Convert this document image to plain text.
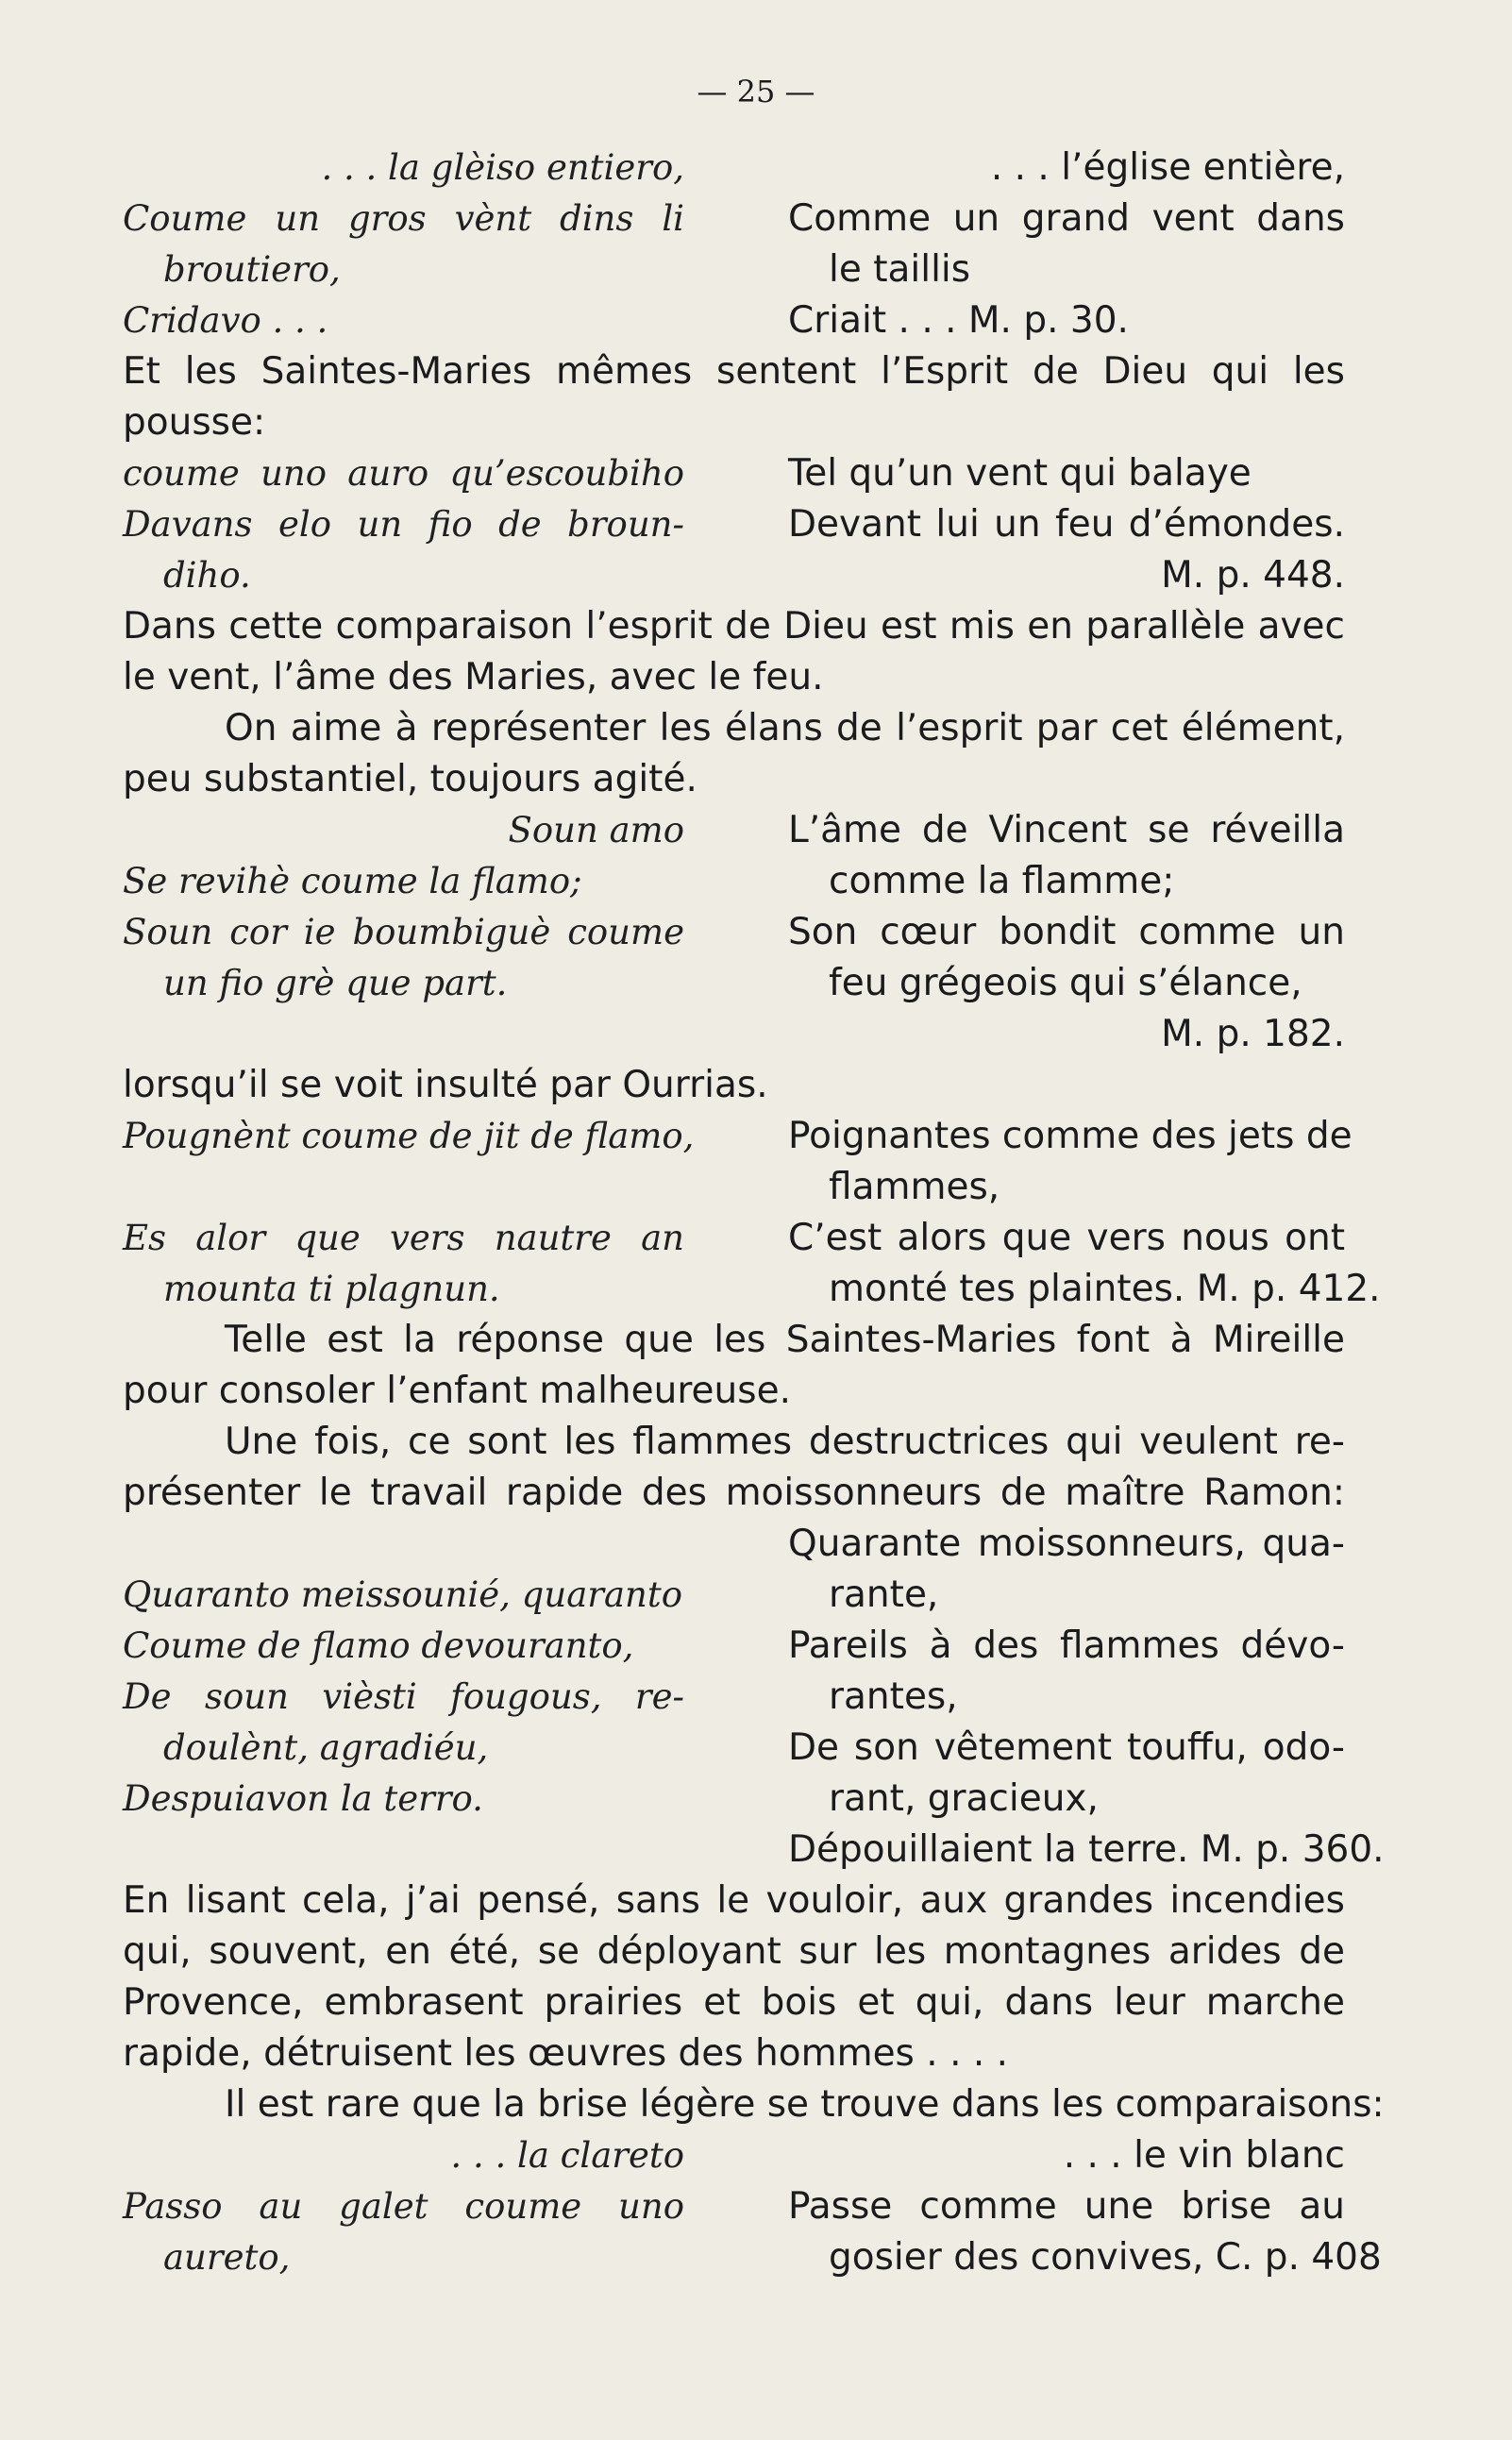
— 25 —
. . . la glèiso entiero,	. . . l’église entière,
Coume un gros vènt dins li	Comme un grand vent dans
broutiero,	le taillis
Cridavo . . .	Criait . . . M. p. 30.
Et les Saintes-Maries mêmes sentent l’Esprit de Dieu qui les
pousse:
coume uno auro qu’escoubiho	Tel qu’un vent qui balaye
Davans elo un fio de broun-	Devant lui un feu d’émondes.
diho.	M. p. 448.
Dans cette comparaison l’esprit de Dieu est mis en parallèle avec
le vent, l’âme des Maries, avec le feu.
On aime à représenter les élans de l’esprit par cet élément,
peu substantiel, toujours agité.
Soun amo	L’âme de Vincent se réveilla
Se revihè coume la flamo;	comme la flamme;
Soun cor ie boumbiguè coume	Son cœur bondit comme un
un fio grè que part.	feu grégeois qui s’élance,
M. p. 182.
lorsqu’il se voit insulté par Ourrias.
Pougnènt coume de jit de flamo,	Poignantes comme des jets de
flammes,
Es alor que vers nautre an	C’est alors que vers nous ont
mounta ti plagnun.	monté tes plaintes. M. p. 412.
Telle est la réponse que les Saintes-Maries font à Mireille
pour consoler l’enfant malheureuse.
Une fois, ce sont les flammes destructrices qui veulent re-
présenter le travail rapide des moissonneurs de maître Ramon:
Quarante moissonneurs, qua-
Quaranto meissounié, quaranto	rante,
Coume de flamo devouranto,	Pareils à des flammes dévo-
De soun vièsti fougous, re-	rantes,
doulènt, agradiéu,	De son vêtement touffu, odo-
Despuiavon la terro.	rant, gracieux,
Dépouillaient la terre. M. p. 360.
En lisant cela, j’ai pensé, sans le vouloir, aux grandes incendies
qui, souvent, en été, se déployant sur les montagnes arides de
Provence, embrasent prairies et bois et qui, dans leur marche
rapide, détruisent les œuvres des hommes . . . .
Il est rare que la brise légère se trouve dans les comparaisons:
. . . la clareto	. . . le vin blanc
Passo au galet coume uno	Passe comme une brise au
aureto,	gosier des convives, C. p. 408
